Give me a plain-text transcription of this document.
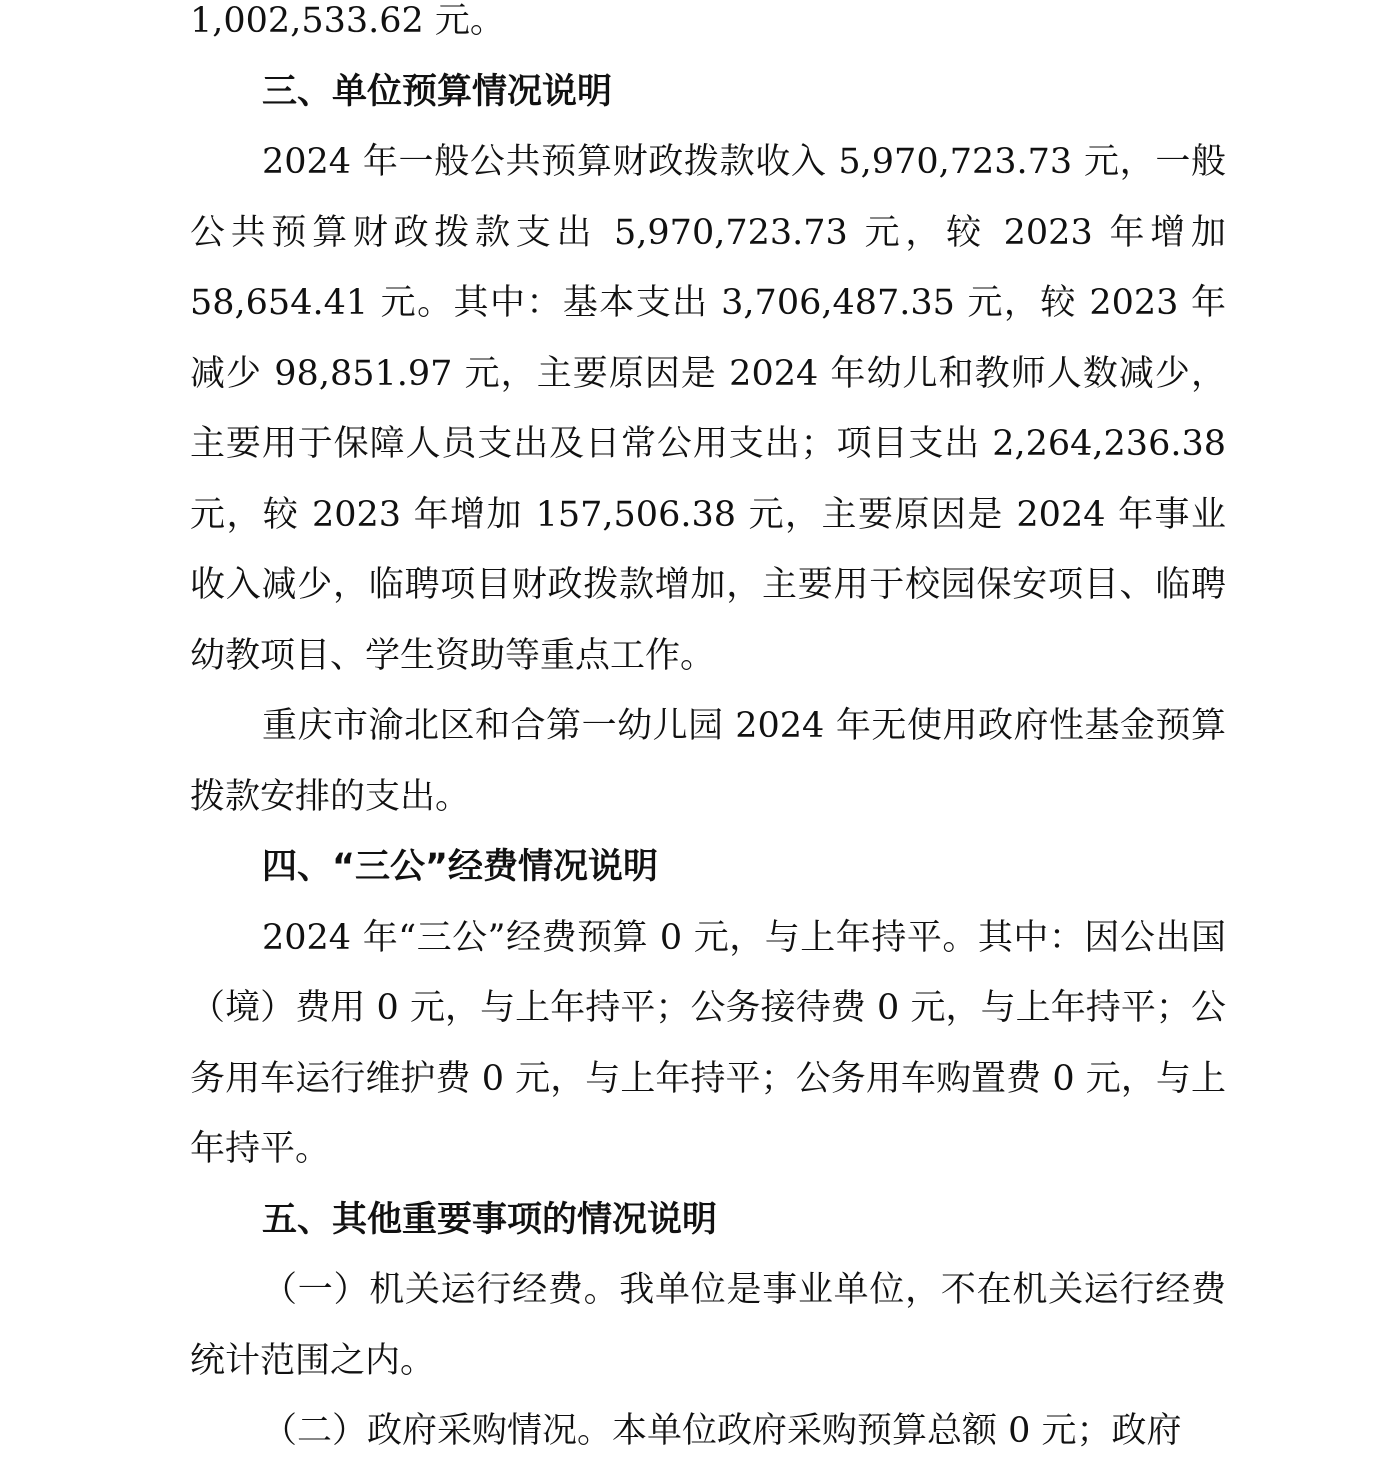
1,002,533.62 元。

三、单位预算情况说明

2024 年一般公共预算财政拨款收入 5,970,723.73 元，一般公共预算财政拨款支出 5,970,723.73 元，较 2023 年增加 58,654.41 元。其中：基本支出 3,706,487.35 元，较 2023 年减少 98,851.97 元，主要原因是 2024 年幼儿和教师人数减少，主要用于保障人员支出及日常公用支出；项目支出 2,264,236.38 元，较 2023 年增加 157,506.38 元，主要原因是 2024 年事业收入减少，临聘项目财政拨款增加，主要用于校园保安项目、临聘幼教项目、学生资助等重点工作。

重庆市渝北区和合第一幼儿园 2024 年无使用政府性基金预算拨款安排的支出。

四、“三公”经费情况说明

2024 年“三公”经费预算 0 元，与上年持平。其中：因公出国（境）费用 0 元，与上年持平；公务接待费 0 元，与上年持平；公务用车运行维护费 0 元，与上年持平；公务用车购置费 0 元，与上年持平。

五、其他重要事项的情况说明

（一）机关运行经费。我单位是事业单位，不在机关运行经费统计范围之内。

（二）政府采购情况。本单位政府采购预算总额 0 元；政府
